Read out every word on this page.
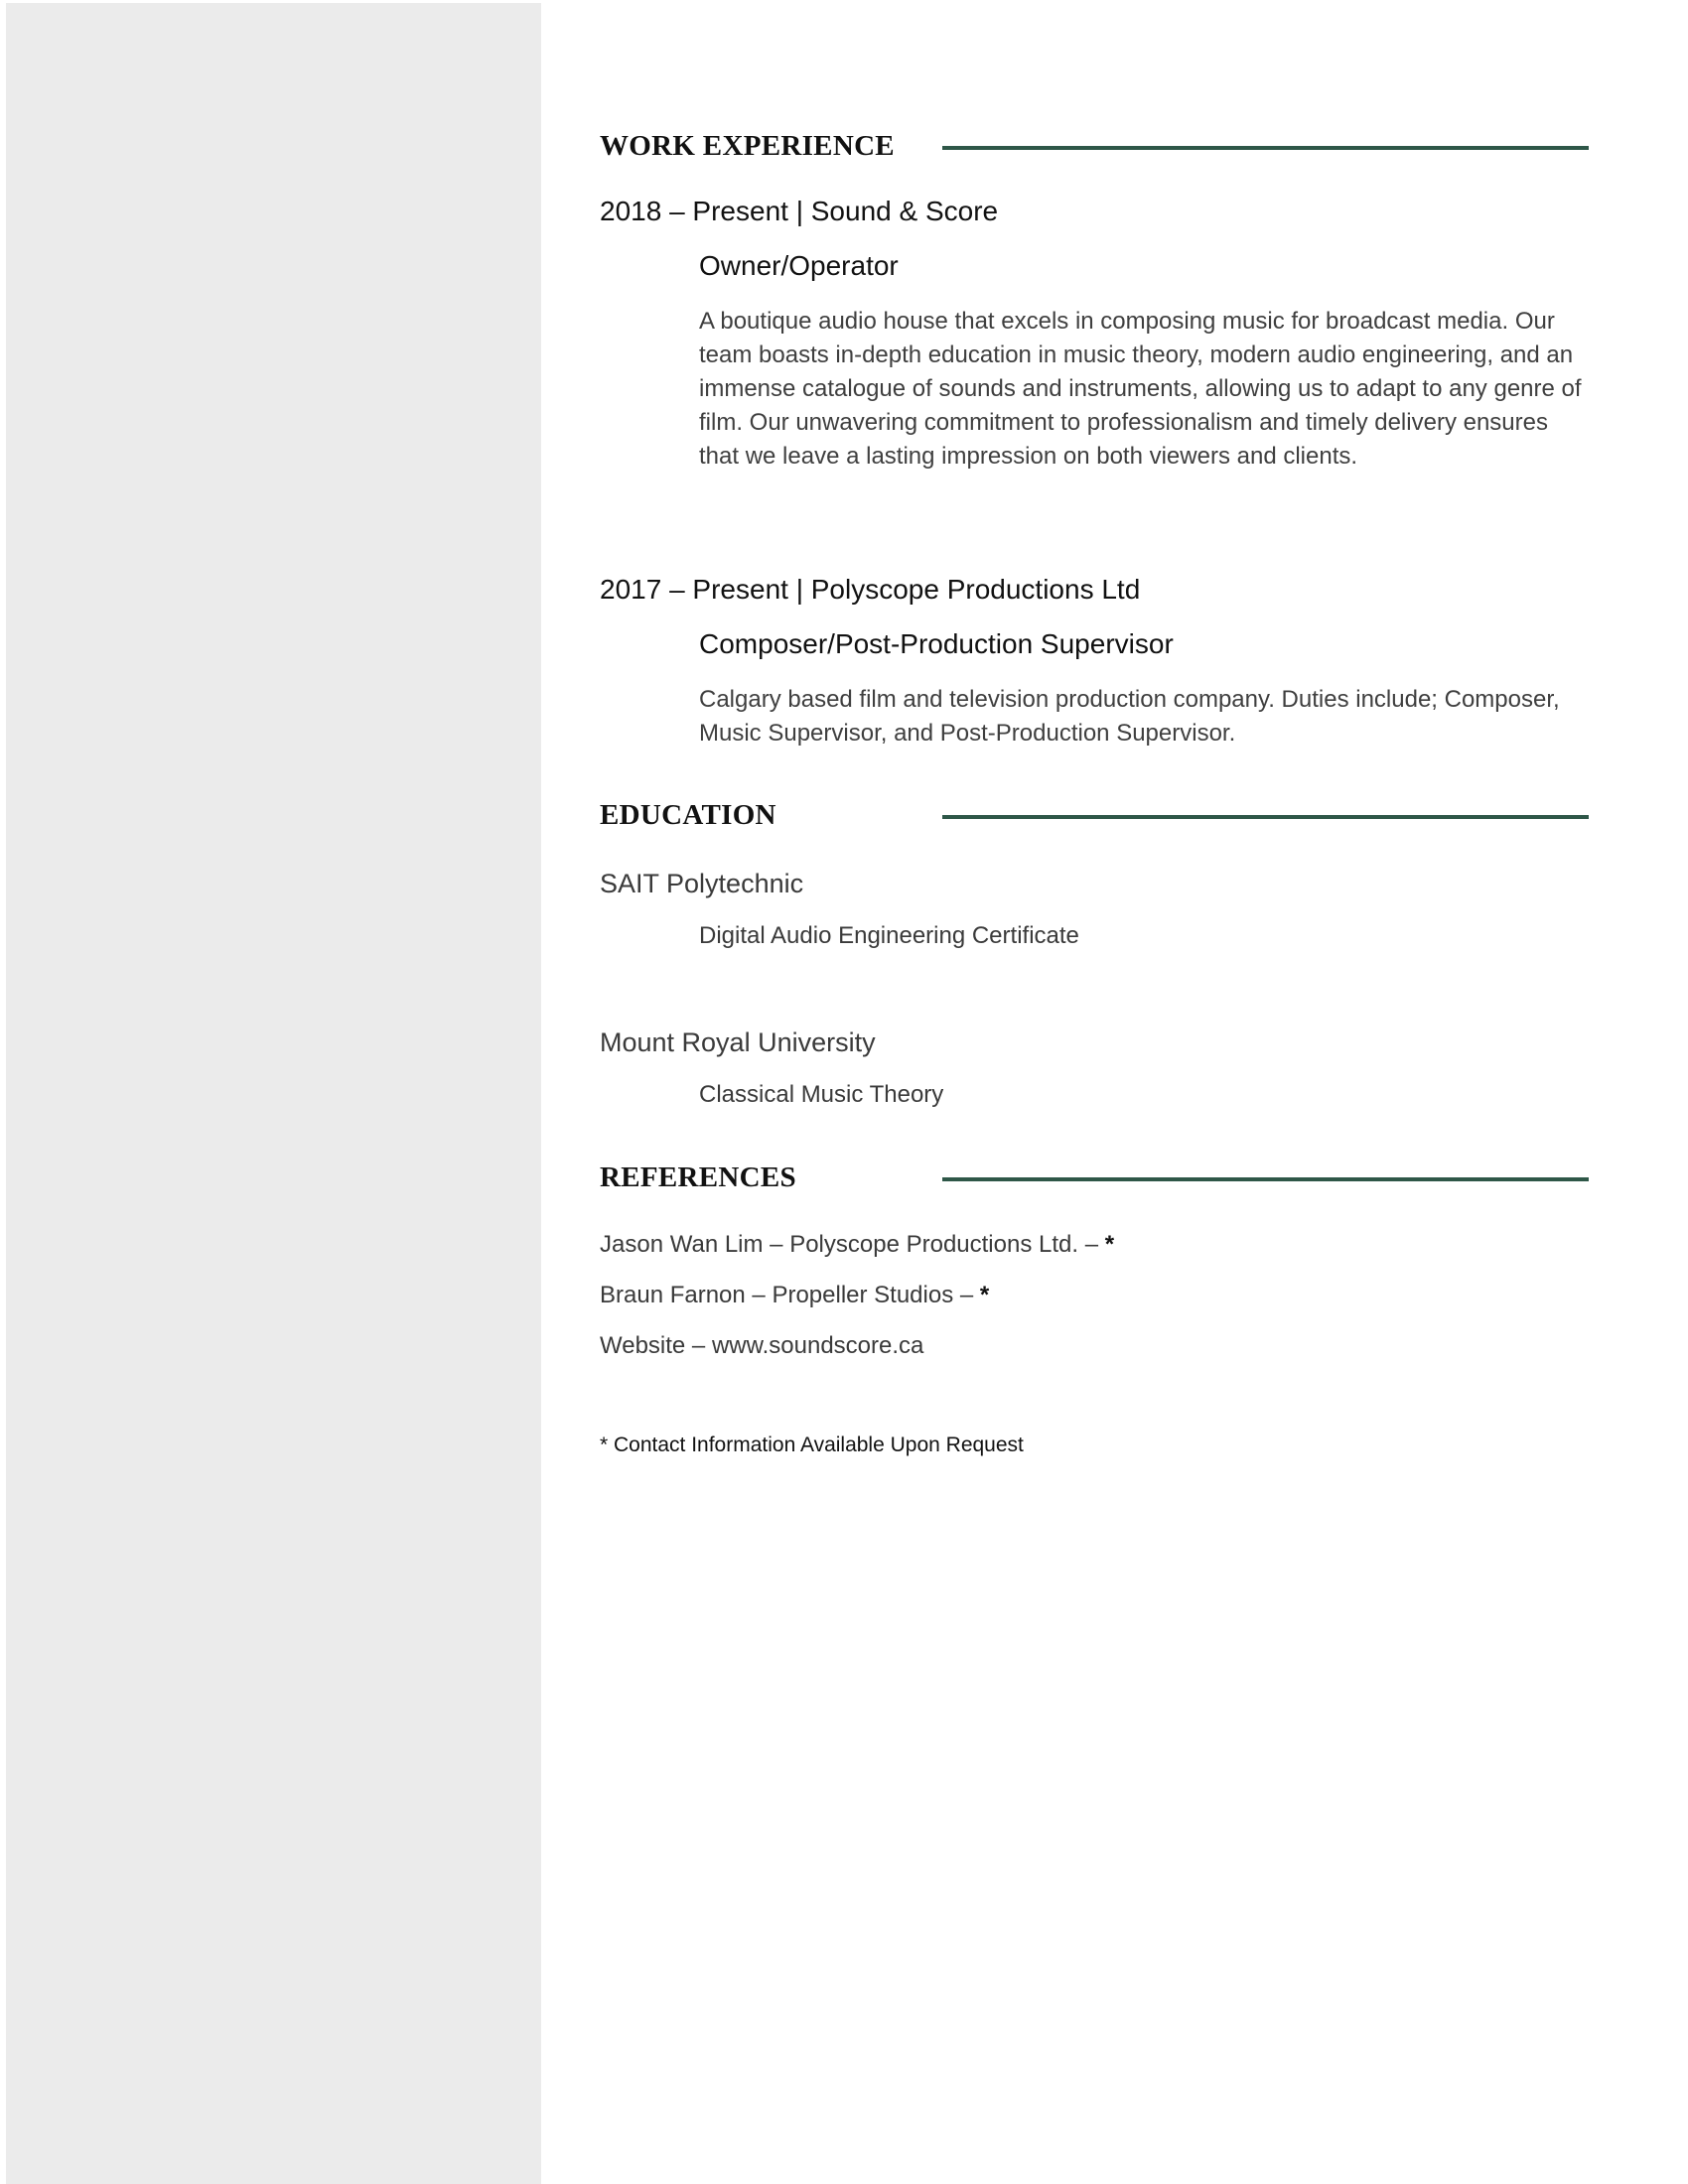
WORK EXPERIENCE
2018 – Present | Sound & Score
Owner/Operator
A boutique audio house that excels in composing music for broadcast media. Our team boasts in-depth education in music theory, modern audio engineering, and an immense catalogue of sounds and instruments, allowing us to adapt to any genre of film. Our unwavering commitment to professionalism and timely delivery ensures that we leave a lasting impression on both viewers and clients.
2017 – Present | Polyscope Productions Ltd
Composer/Post-Production Supervisor
Calgary based film and television production company. Duties include; Composer, Music Supervisor, and Post-Production Supervisor.
EDUCATION
SAIT Polytechnic
Digital Audio Engineering Certificate
Mount Royal University
Classical Music Theory
REFERENCES
Jason Wan Lim – Polyscope Productions Ltd. – *
Braun Farnon – Propeller Studios – *
Website – www.soundscore.ca
* Contact Information Available Upon Request
